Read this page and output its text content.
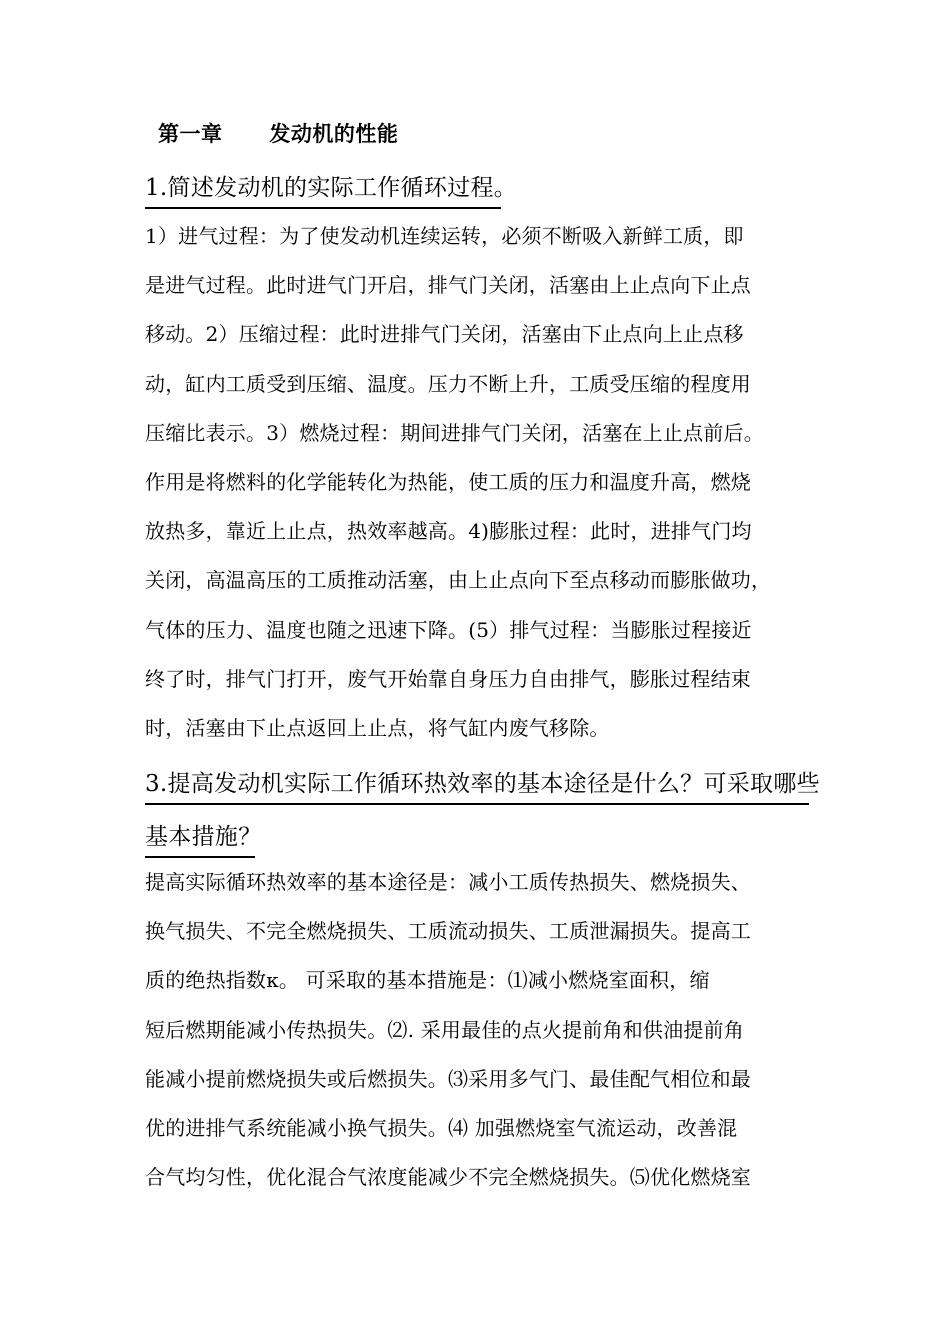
第一章      发动机的性能
1.简述发动机的实际工作循环过程。
1）进气过程：为了使发动机连续运转，必须不断吸入新鲜工质，即
是进气过程。此时进气门开启，排气门关闭，活塞由上止点向下止点
移动。2）压缩过程：此时进排气门关闭，活塞由下止点向上止点移
动，缸内工质受到压缩、温度。压力不断上升，工质受压缩的程度用
压缩比表示。3）燃烧过程：期间进排气门关闭，活塞在上止点前后。
作用是将燃料的化学能转化为热能，使工质的压力和温度升高，燃烧
放热多，靠近上止点，热效率越高。4)膨胀过程：此时，进排气门均
关闭，高温高压的工质推动活塞，由上止点向下至点移动而膨胀做功，
气体的压力、温度也随之迅速下降。(5）排气过程：当膨胀过程接近
终了时，排气门打开，废气开始靠自身压力自由排气，膨胀过程结束
时，活塞由下止点返回上止点，将气缸内废气移除。
3.提高发动机实际工作循环热效率的基本途径是什么？可采取哪些
基本措施？
提高实际循环热效率的基本途径是：减小工质传热损失、燃烧损失、
换气损失、不完全燃烧损失、工质流动损失、工质泄漏损失。提高工
质的绝热指数κ。 可采取的基本措施是：⑴减小燃烧室面积，缩
短后燃期能减小传热损失。⑵. 采用最佳的点火提前角和供油提前角
能减小提前燃烧损失或后燃损失。⑶采用多气门、最佳配气相位和最
优的进排气系统能减小换气损失。⑷ 加强燃烧室气流运动，改善混
合气均匀性，优化混合气浓度能减少不完全燃烧损失。⑸优化燃烧室
